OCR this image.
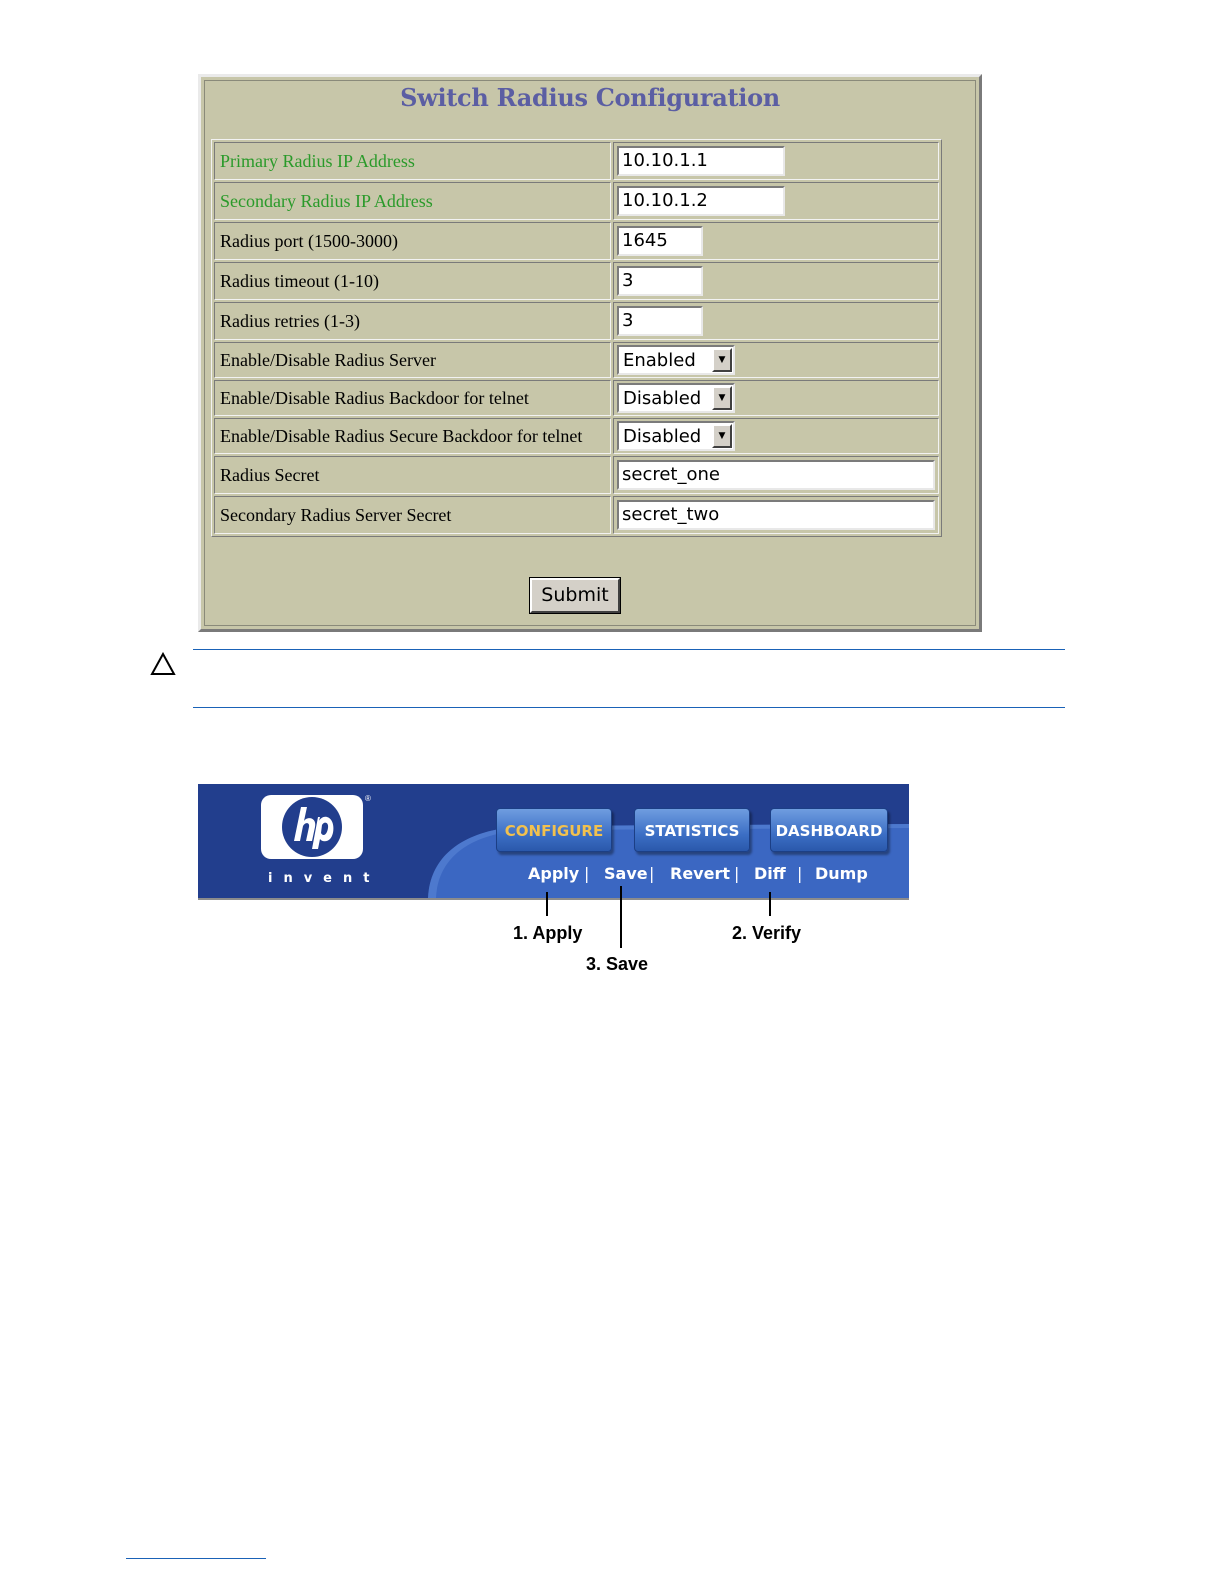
Switch Radius Configuration
Primary Radius IP Address	10.10.1.1

Secondary Radius IP Address	10.10.1.2

Radius port (1500-3000)	1645

Radius timeout (1-10)	3

Radius retries (1-3)	3

Enable/Disable Radius Server	Enabled ▼

Enable/Disable Radius Backdoor for telnet	Disabled ▼

Enable/Disable Radius Secure Backdoor for telnet	Disabled ▼

Radius Secret	secret_one

Secondary Radius Server Secret	secret_two
Submit
®
invent
CONFIGURE	STATISTICS	DASHBOARD
Apply | Save | Revert | Diff | Dump
1. Apply
3. Save
2. Verify
